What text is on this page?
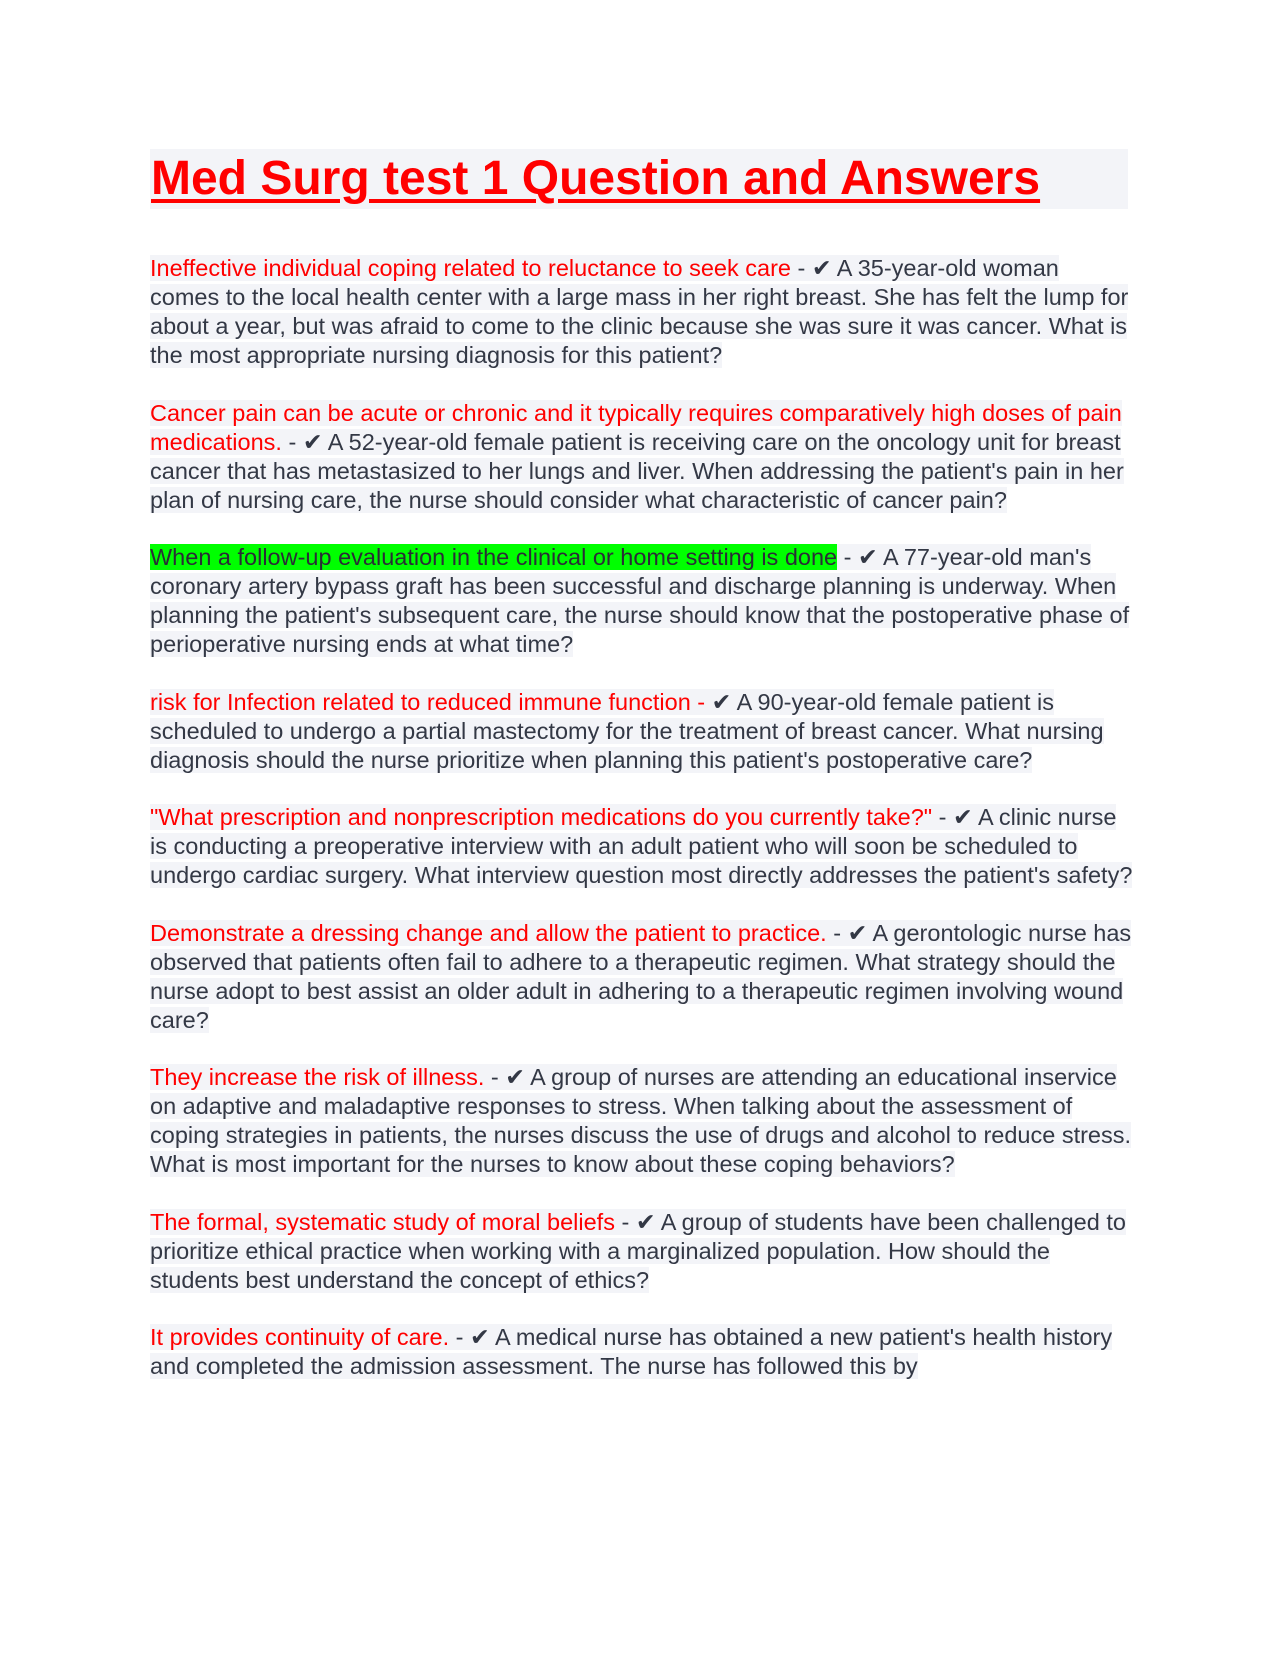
Med Surg test 1 Question and Answers
Ineffective individual coping related to reluctance to seek care - ✔ A 35-year-old woman comes to the local health center with a large mass in her right breast. She has felt the lump for about a year, but was afraid to come to the clinic because she was sure it was cancer. What is the most appropriate nursing diagnosis for this patient?
Cancer pain can be acute or chronic and it typically requires comparatively high doses of pain medications. - ✔ A 52-year-old female patient is receiving care on the oncology unit for breast cancer that has metastasized to her lungs and liver. When addressing the patient's pain in her plan of nursing care, the nurse should consider what characteristic of cancer pain?
When a follow-up evaluation in the clinical or home setting is done - ✔ A 77-year-old man's coronary artery bypass graft has been successful and discharge planning is underway. When planning the patient's subsequent care, the nurse should know that the postoperative phase of perioperative nursing ends at what time?
risk for Infection related to reduced immune function - ✔ A 90-year-old female patient is scheduled to undergo a partial mastectomy for the treatment of breast cancer. What nursing diagnosis should the nurse prioritize when planning this patient's postoperative care?
"What prescription and nonprescription medications do you currently take?" - ✔ A clinic nurse is conducting a preoperative interview with an adult patient who will soon be scheduled to undergo cardiac surgery. What interview question most directly addresses the patient's safety?
Demonstrate a dressing change and allow the patient to practice. - ✔ A gerontologic nurse has observed that patients often fail to adhere to a therapeutic regimen. What strategy should the nurse adopt to best assist an older adult in adhering to a therapeutic regimen involving wound care?
They increase the risk of illness. - ✔ A group of nurses are attending an educational inservice on adaptive and maladaptive responses to stress. When talking about the assessment of coping strategies in patients, the nurses discuss the use of drugs and alcohol to reduce stress. What is most important for the nurses to know about these coping behaviors?
The formal, systematic study of moral beliefs - ✔ A group of students have been challenged to prioritize ethical practice when working with a marginalized population. How should the students best understand the concept of ethics?
It provides continuity of care. - ✔ A medical nurse has obtained a new patient's health history and completed the admission assessment. The nurse has followed this by
